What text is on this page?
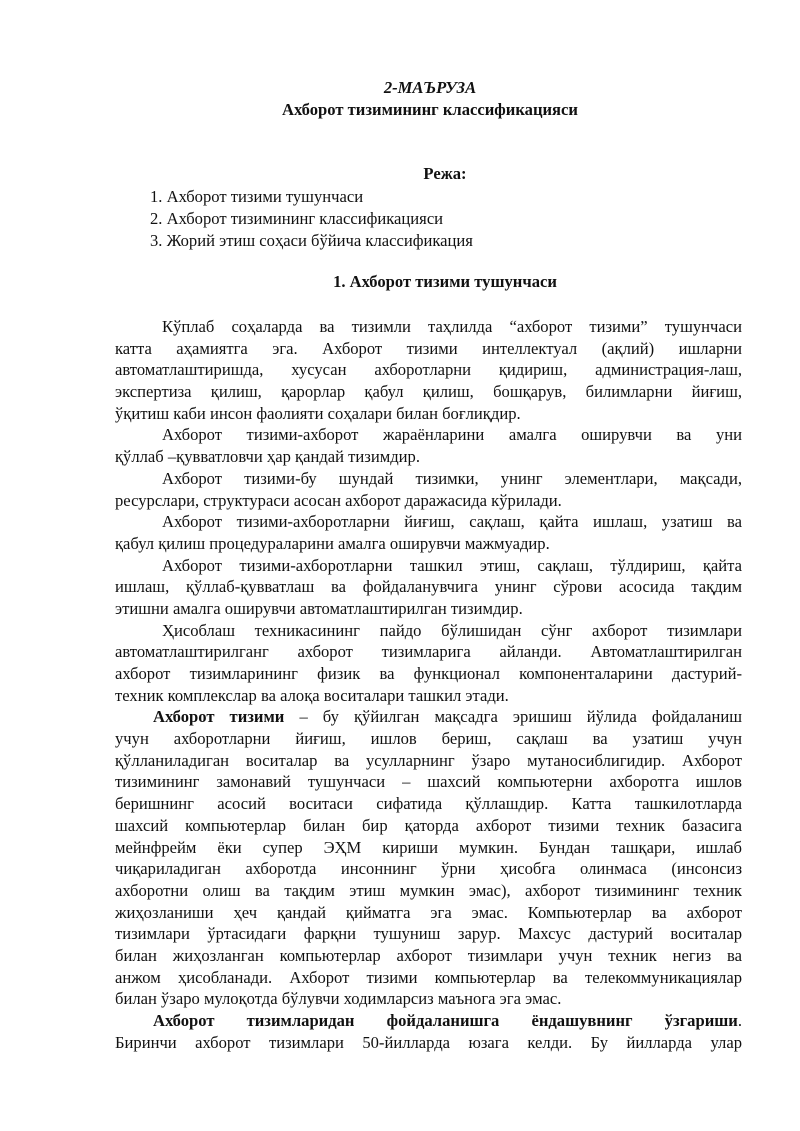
2-МАЪРУЗА
Ахборот тизимининг классификацияси
Режа:
1. Ахборот тизими тушунчаси
2. Ахборот тизимининг классификацияси
3. Жорий этиш соҳаси бўйича классификация
1. Ахборот тизими тушунчаси
Кўплаб соҳаларда ва тизимли таҳлилда “ахборот тизими” тушунчаси
катта аҳамиятга эга. Ахборот тизими интеллектуал (ақлий) ишларни
автоматлаштиришда, хусусан ахборотларни қидириш, администрация-лаш,
экспертиза қилиш, қарорлар қабул қилиш, бошқарув, билимларни йиғиш,
ўқитиш каби инсон фаолияти соҳалари билан боғлиқдир.
Ахборот тизими-ахборот жараёнларини амалга оширувчи ва уни
қўллаб –қувватловчи ҳар қандай тизимдир.
Ахборот тизими-бу шундай тизимки, унинг элементлари, мақсади,
ресурслари, структураси асосан ахборот даражасида кўрилади.
Ахборот тизими-ахборотларни йиғиш, сақлаш, қайта ишлаш, узатиш ва
қабул қилиш процедураларини амалга оширувчи мажмуадир.
Ахборот тизими-ахборотларни ташкил этиш, сақлаш, тўлдириш, қайта
ишлаш, қўллаб-қувватлаш ва фойдаланувчига унинг сўрови асосида тақдим
этишни амалга оширувчи автоматлаштирилган тизимдир.
Ҳисоблаш техникасининг пайдо бўлишидан сўнг ахборот тизимлари
автоматлаштирилганг ахборот тизимларига айланди. Автоматлаштирилган
ахборот тизимларининг физик ва функционал компоненталарини дастурий-
техник комплекслар ва алоқа воситалари ташкил этади.
Ахборот тизими – бу қўйилган мақсадга эришиш йўлида фойдаланиш
учун ахборотларни йиғиш, ишлов бериш, сақлаш ва узатиш учун
қўлланиладиган воситалар ва усулларнинг ўзаро мутаносиблигидир. Ахборот
тизимининг замонавий тушунчаси – шахсий компьютерни ахборотга ишлов
беришнинг асосий воситаси сифатида қўллашдир. Катта ташкилотларда
шахсий компьютерлар билан бир қаторда ахборот тизими техник базасига
мейнфрейм ёки супер ЭҲМ кириши мумкин. Бундан ташқари, ишлаб
чиқариладиган ахборотда инсоннинг ўрни ҳисобга олинмаса (инсонсиз
ахборотни олиш ва тақдим этиш мумкин эмас), ахборот тизимининг техник
жиҳозланиши ҳеч қандай қийматга эга эмас. Компьютерлар ва ахборот
тизимлари ўртасидаги фарқни тушуниш зарур. Махсус дастурий воситалар
билан жиҳозланган компьютерлар ахборот тизимлари учун техник негиз ва
анжом ҳисобланади. Ахборот тизими компьютерлар ва телекоммуникациялар
билан ўзаро мулоқотда бўлувчи ходимларсиз маънога эга эмас.
Ахборот тизимларидан фойдаланишга ёндашувнинг ўзгариши.
Биринчи ахборот тизимлари 50-йилларда юзага келди. Бу йилларда улар
